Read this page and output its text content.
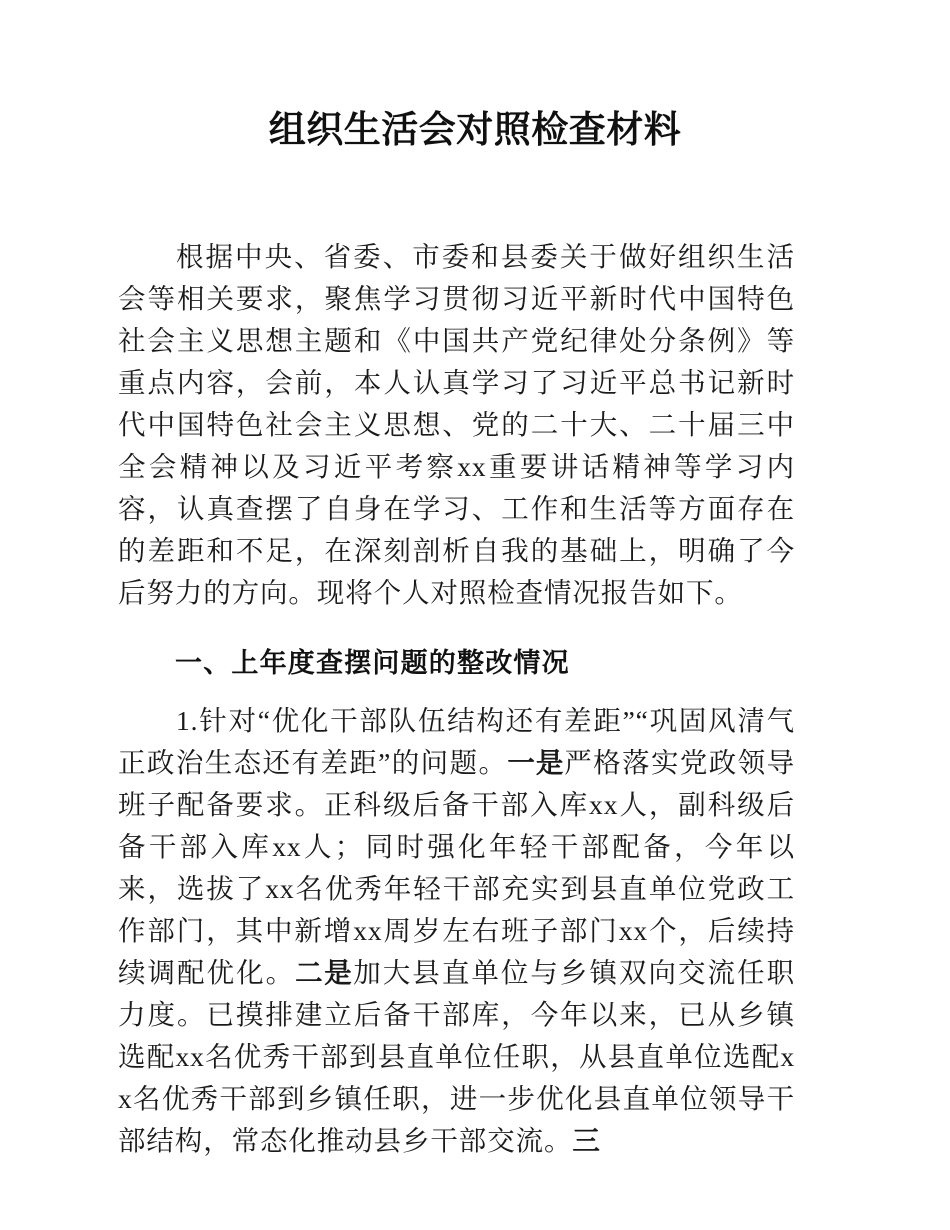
组织生活会对照检查材料

根据中央、省委、市委和县委关于做好组织生活会等相关要求，聚焦学习贯彻习近平新时代中国特色社会主义思想主题和《中国共产党纪律处分条例》等重点内容，会前，本人认真学习了习近平总书记新时代中国特色社会主义思想、党的二十大、二十届三中全会精神以及习近平考察xx重要讲话精神等学习内容，认真查摆了自身在学习、工作和生活等方面存在的差距和不足，在深刻剖析自我的基础上，明确了今后努力的方向。现将个人对照检查情况报告如下。

一、上年度查摆问题的整改情况

1.针对“优化干部队伍结构还有差距”“巩固风清气正政治生态还有差距”的问题。一是严格落实党政领导班子配备要求。正科级后备干部入库xx人，副科级后备干部入库xx人；同时强化年轻干部配备，今年以来，选拔了xx名优秀年轻干部充实到县直单位党政工作部门，其中新增xx周岁左右班子部门xx个，后续持续调配优化。二是加大县直单位与乡镇双向交流任职力度。已摸排建立后备干部库，今年以来，已从乡镇选配xx名优秀干部到县直单位任职，从县直单位选配xx名优秀干部到乡镇任职，进一步优化县直单位领导干部结构，常态化推动县乡干部交流。三
